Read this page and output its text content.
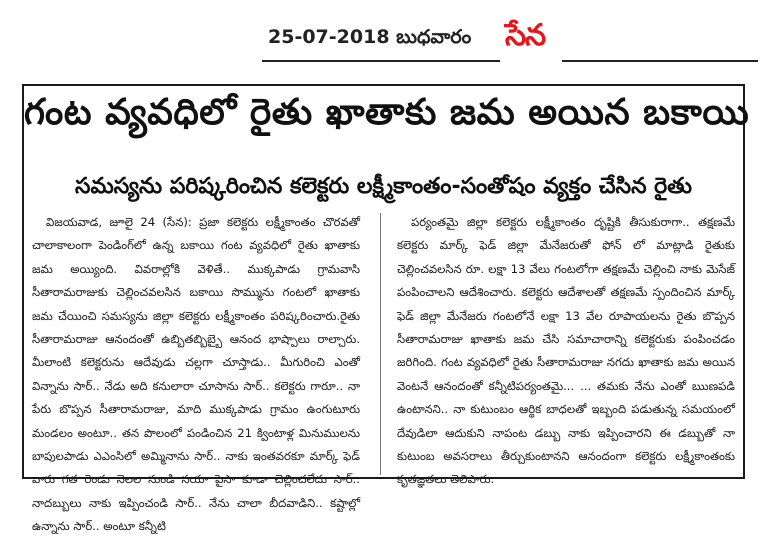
25-07-2018 బుధవారం సేన
గంట వ్యవధిలో రైతు ఖాతాకు జమ అయిన బకాయి
సమస్యను పరిష్కరించిన కలెక్టరు లక్ష్మీకాంతం-సంతోషం వ్యక్తం చేసిన రైతు

విజయవాడ, జూలై 24 (సేన): ప్రజా కలెక్టరు లక్ష్మీకాంతం చొరవతో చాలాకాలంగా పెండింగ్‌లో ఉన్న బకాయి గంట వ్యవధిలో రైతు ఖాతాకు జమ అయ్యింది. వివరాల్లోకి వెళితే.. ముక్కపాడు గ్రామవాసి సీతారామరాజుకు చెల్లించవలసిన బకాయి సొమ్మును గంటలో ఖాతాకు జమ చేయించి సమస్యను జిల్లా కలెక్టరు లక్ష్మీకాంతం పరిష్కరించారు.రైతు సీతారామరాజు ఆనందంతో ఉబ్బితబ్బిబ్బై ఆనంద భాష్పాలు రాల్చారు. మీలాంటి కలెక్టరును ఆదేవుడు చల్లగా చూస్తాడు.. మీగురించి ఎంతో విన్నాను సార్.. నేడు అది కనులారా చూసాను సార్.. కలెక్టరు గారూ.. నా పేరు బొప్పన సీతారామరాజు, మాది ముక్కపాడు గ్రామం ఉంగుటూరు మండలం అంటూ.. తన పొలంలో పండించిన 21 క్వింటాళ్ల మినుములను బాపులపాడు ఎఎంసిలో అమ్మినాను సార్.. నాకు ఇంతవరకూ మార్క్ ఫెడ్ వారు గత రెండు నెలల నుండి నయా పైసా కూడా చెల్లించలేదు సార్.. నాదబ్బులు నాకు ఇప్పించండి సార్.. నేను చాలా బీదవాడిని.. కష్టాల్లో ఉన్నాను సార్.. అంటూ కన్నీటి

పర్యంతమై జిల్లా కలెక్టరు లక్ష్మీకాంతం దృష్టికి తీసుకురాగా.. తక్షణమే కలెక్టరు మార్క్ ఫెడ్ జిల్లా మేనేజరుతో ఫోన్ లో మాట్లాడి రైతుకు చెల్లించవలసిన రూ. లక్షా 13 వేలు గంటలోగా తక్షణమే చెల్లించి నాకు మెసేజ్ పంపించాలని ఆదేశించారు. కలెక్టరు ఆదేశాలతో తక్షణమే స్పందించిన మార్క్ ఫెడ్ జిల్లా మేనేజరు గంటలోనే లక్షా 13 వేల రూపాయలను రైతు బొప్పన సీతారామరాజు ఖాతాకు జమ చేసి సమాచారాన్ని కలెక్టరుకు పంపించడం జరిగింది. గంట వ్యవధిలో రైతు సీతారామరాజు నగదు ఖాతాకు జమ అయిన వెంటనే ఆనందంతో కన్నీటిపర్యంతమై... ... తమకు నేను ఎంతో ఋణపడి ఉంటానని.. నా కుటుంబం ఆర్థిక బాధలతో ఇబ్బంది పడుతున్న సమయంలో దేవుడిలా ఆదుకుని నాపంట డబ్బు నాకు ఇప్పించారని ఈ డబ్బుతో నా కుటుంబ అవసరాలు తీర్చుకుంటానని ఆనందంగా కలెక్టరు లక్ష్మీకాంతంకు కృతజ్ఞతలు తెలిపారు.
